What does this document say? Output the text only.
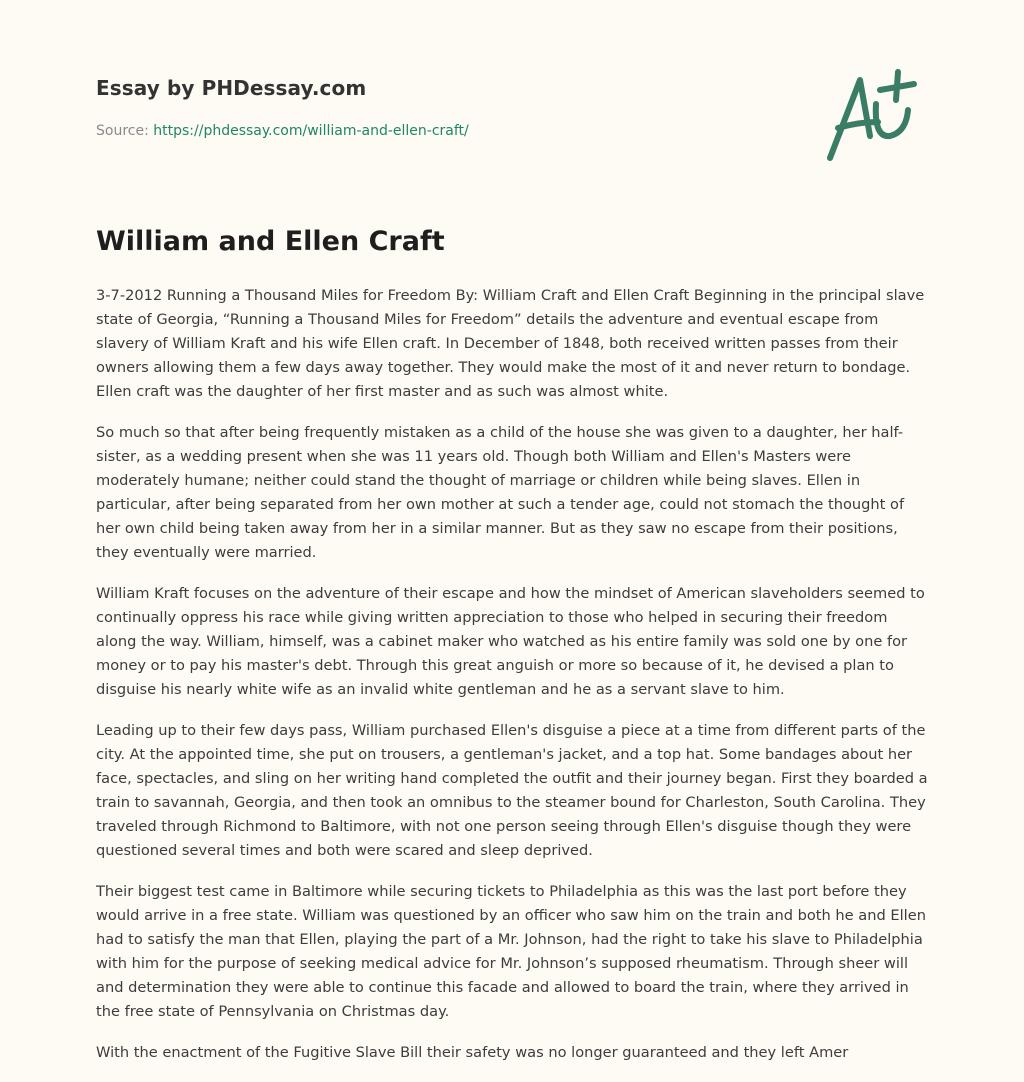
Essay by PHDessay.com
Source: https://phdessay.com/william-and-ellen-craft/
William and Ellen Craft

3-7-2012 Running a Thousand Miles for Freedom By: William Craft and Ellen Craft Beginning in the principal slave state of Georgia, “Running a Thousand Miles for Freedom” details the adventure and eventual escape from slavery of William Kraft and his wife Ellen craft. In December of 1848, both received written passes from their owners allowing them a few days away together. They would make the most of it and never return to bondage. Ellen craft was the daughter of her first master and as such was almost white.

So much so that after being frequently mistaken as a child of the house she was given to a daughter, her half-sister, as a wedding present when she was 11 years old. Though both William and Ellen's Masters were moderately humane; neither could stand the thought of marriage or children while being slaves. Ellen in particular, after being separated from her own mother at such a tender age, could not stomach the thought of her own child being taken away from her in a similar manner. But as they saw no escape from their positions, they eventually were married.

William Kraft focuses on the adventure of their escape and how the mindset of American slaveholders seemed to continually oppress his race while giving written appreciation to those who helped in securing their freedom along the way. William, himself, was a cabinet maker who watched as his entire family was sold one by one for money or to pay his master's debt. Through this great anguish or more so because of it, he devised a plan to disguise his nearly white wife as an invalid white gentleman and he as a servant slave to him.

Leading up to their few days pass, William purchased Ellen's disguise a piece at a time from different parts of the city. At the appointed time, she put on trousers, a gentleman's jacket, and a top hat. Some bandages about her face, spectacles, and sling on her writing hand completed the outfit and their journey began. First they boarded a train to savannah, Georgia, and then took an omnibus to the steamer bound for Charleston, South Carolina. They traveled through Richmond to Baltimore, with not one person seeing through Ellen's disguise though they were questioned several times and both were scared and sleep deprived.

Their biggest test came in Baltimore while securing tickets to Philadelphia as this was the last port before they would arrive in a free state. William was questioned by an officer who saw him on the train and both he and Ellen had to satisfy the man that Ellen, playing the part of a Mr. Johnson, had the right to take his slave to Philadelphia with him for the purpose of seeking medical advice for Mr. Johnson’s supposed rheumatism. Through sheer will and determination they were able to continue this facade and allowed to board the train, where they arrived in the free state of Pennsylvania on Christmas day.

With the enactment of the Fugitive Slave Bill their safety was no longer guaranteed and they left Amer
